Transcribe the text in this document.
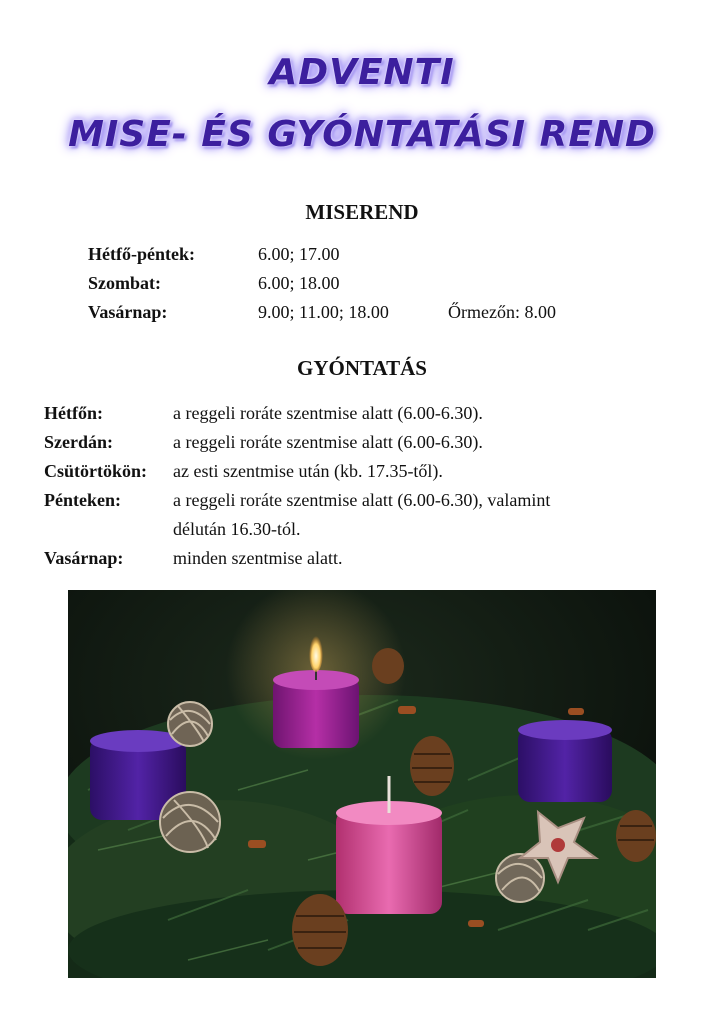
ADVENTI
MISE- ÉS GYÓNTATÁSI REND
MISEREND
Hétfő-péntek:	6.00; 17.00
Szombat:	6.00; 18.00
Vasárnap:	9.00; 11.00; 18.00	Őrmezőn: 8.00
GYÓNTATÁS
Hétfőn:	a reggeli roráte szentmise alatt (6.00-6.30).
Szerdán:	a reggeli roráte szentmise alatt (6.00-6.30).
Csütörtökön: az esti szentmise után (kb. 17.35-től).
Pénteken:	a reggeli roráte szentmise alatt (6.00-6.30), valamint
délután 16.30-tól.
Vasárnap:	minden szentmise alatt.
